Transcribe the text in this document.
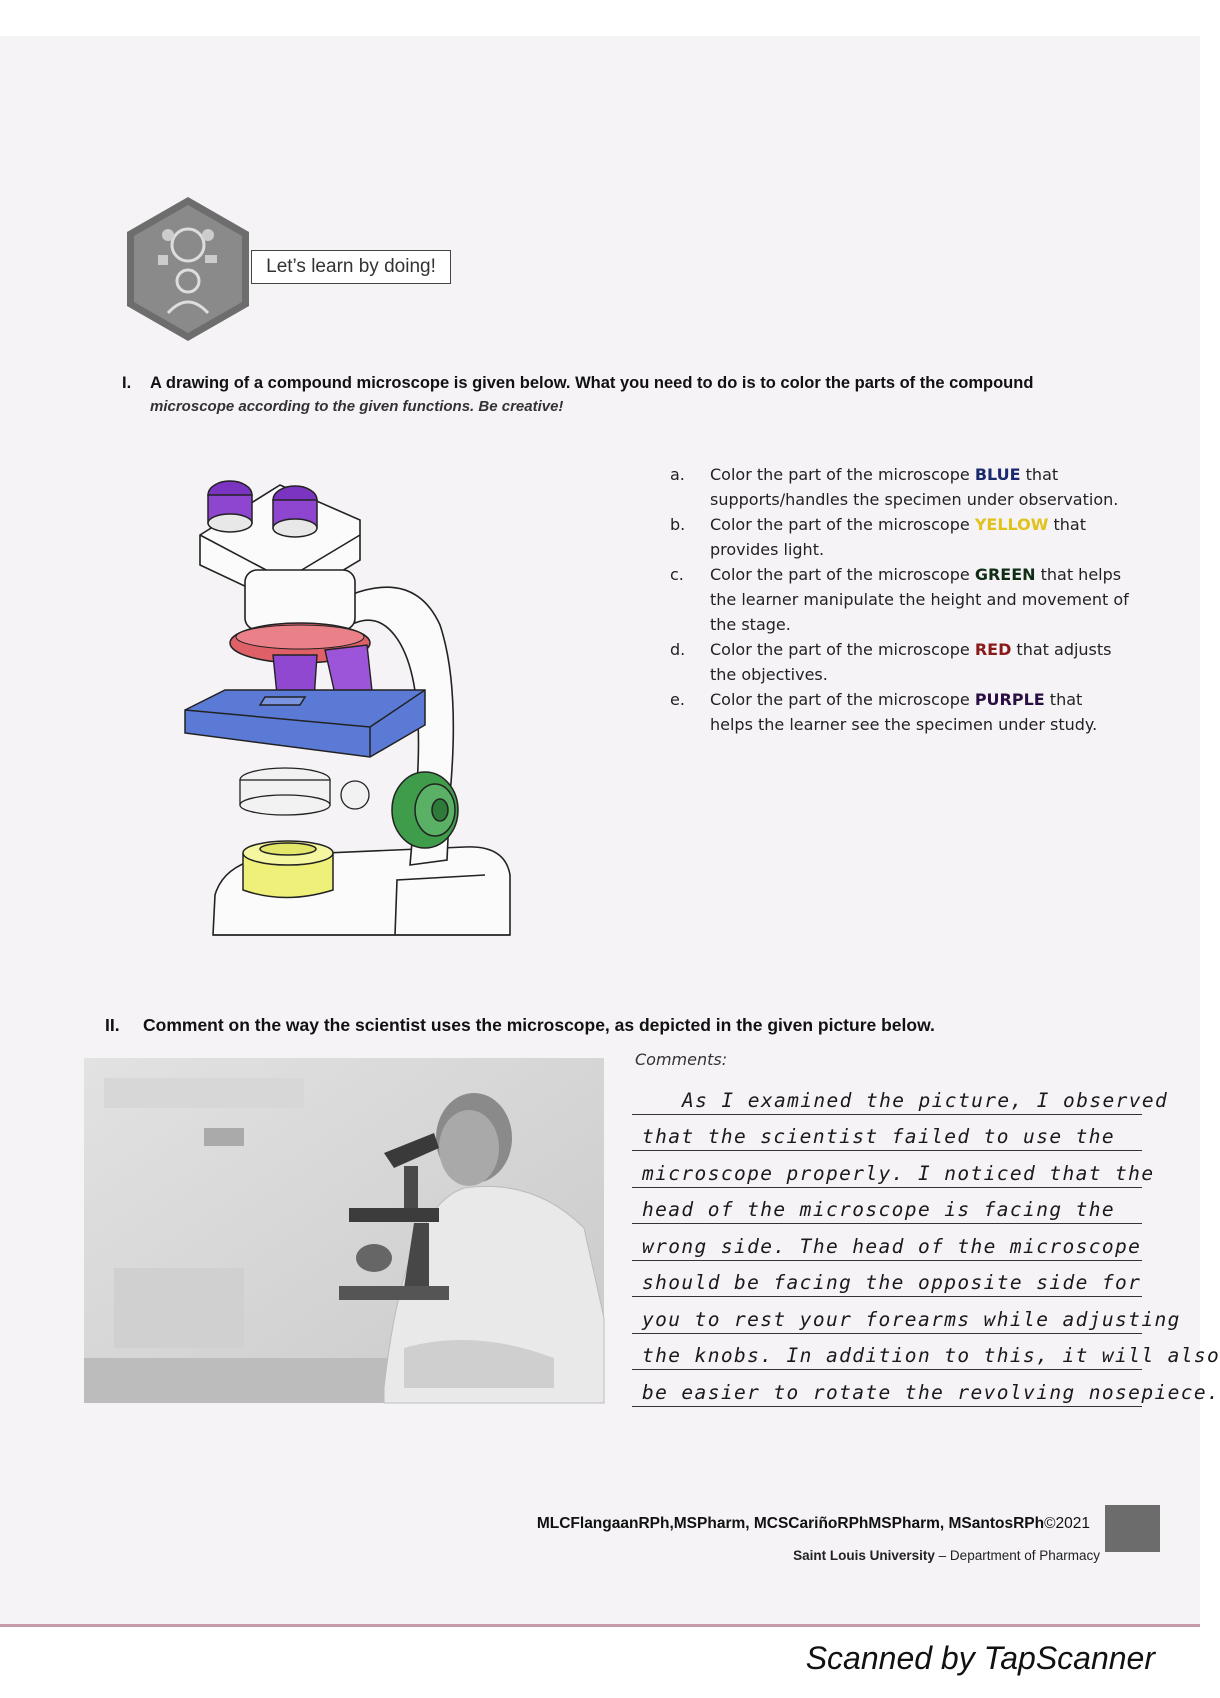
Let’s learn by doing!
I. A drawing of a compound microscope is given below. What you need to do is to color the parts of the compound
microscope according to the given functions. Be creative!
a. Color the part of the microscope BLUE that supports/handles the specimen under observation.
b. Color the part of the microscope YELLOW that provides light.
c. Color the part of the microscope GREEN that helps the learner manipulate the height and movement of the stage.
d. Color the part of the microscope RED that adjusts the objectives.
e. Color the part of the microscope PURPLE that helps the learner see the specimen under study.
II. Comment on the way the scientist uses the microscope, as depicted in the given picture below.
Comments:
As I examined the picture, I observed
that the scientist failed to use the
microscope properly. I noticed that the
head of the microscope is facing the
wrong side. The head of the microscope
should be facing the opposite side for
you to rest your forearms while adjusting
the knobs. In addition to this, it will also
be easier to rotate the revolving nosepiece.
MLCFlangaanRPh,MSPharm, MCSCariñoRPhMSPharm, MSantosRPh©2021
Saint Louis University – Department of Pharmacy
Scanned by TapScanner
